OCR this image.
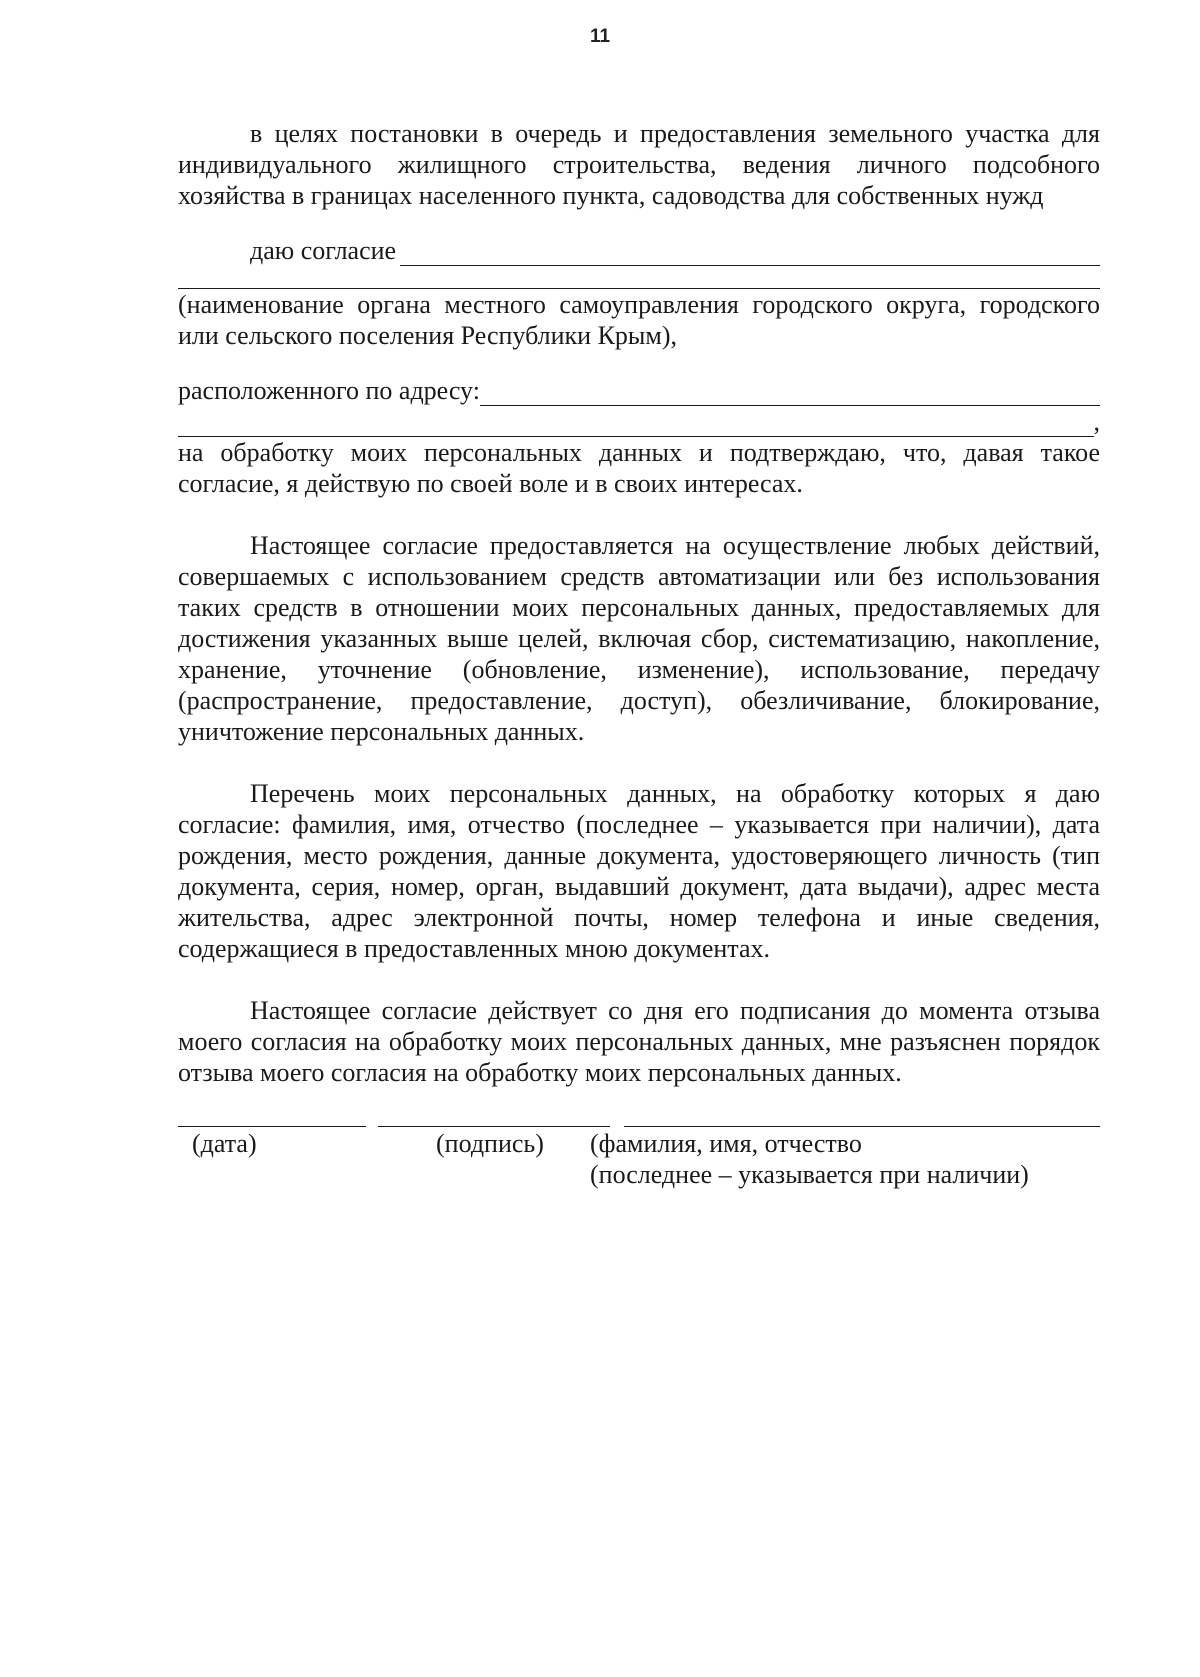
11

в целях постановки в очередь и предоставления земельного участка для индивидуального жилищного строительства, ведения личного подсобного хозяйства в границах населенного пункта, садоводства для собственных нужд

даю согласие

(наименование органа местного самоуправления городского округа, городского или сельского поселения Республики Крым),

расположенного по адресу:
,

на обработку моих персональных данных и подтверждаю, что, давая такое согласие, я действую по своей воле и в своих интересах.

Настоящее согласие предоставляется на осуществление любых действий, совершаемых с использованием средств автоматизации или без использования таких средств в отношении моих персональных данных, предоставляемых для достижения указанных выше целей, включая сбор, систематизацию, накопление, хранение, уточнение (обновление, изменение), использование, передачу (распространение, предоставление, доступ), обезличивание, блокирование, уничтожение персональных данных.

Перечень моих персональных данных, на обработку которых я даю согласие: фамилия, имя, отчество (последнее – указывается при наличии), дата рождения, место рождения, данные документа, удостоверяющего личность (тип документа, серия, номер, орган, выдавший документ, дата выдачи), адрес места жительства, адрес электронной почты, номер телефона и иные сведения, содержащиеся в предоставленных мною документах.

Настоящее согласие действует со дня его подписания до момента отзыва моего согласия на обработку моих персональных данных, мне разъяснен порядок отзыва моего согласия на обработку моих персональных данных.

(дата)	(подпись) (фамилия, имя, отчество
(последнее – указывается при наличии)
